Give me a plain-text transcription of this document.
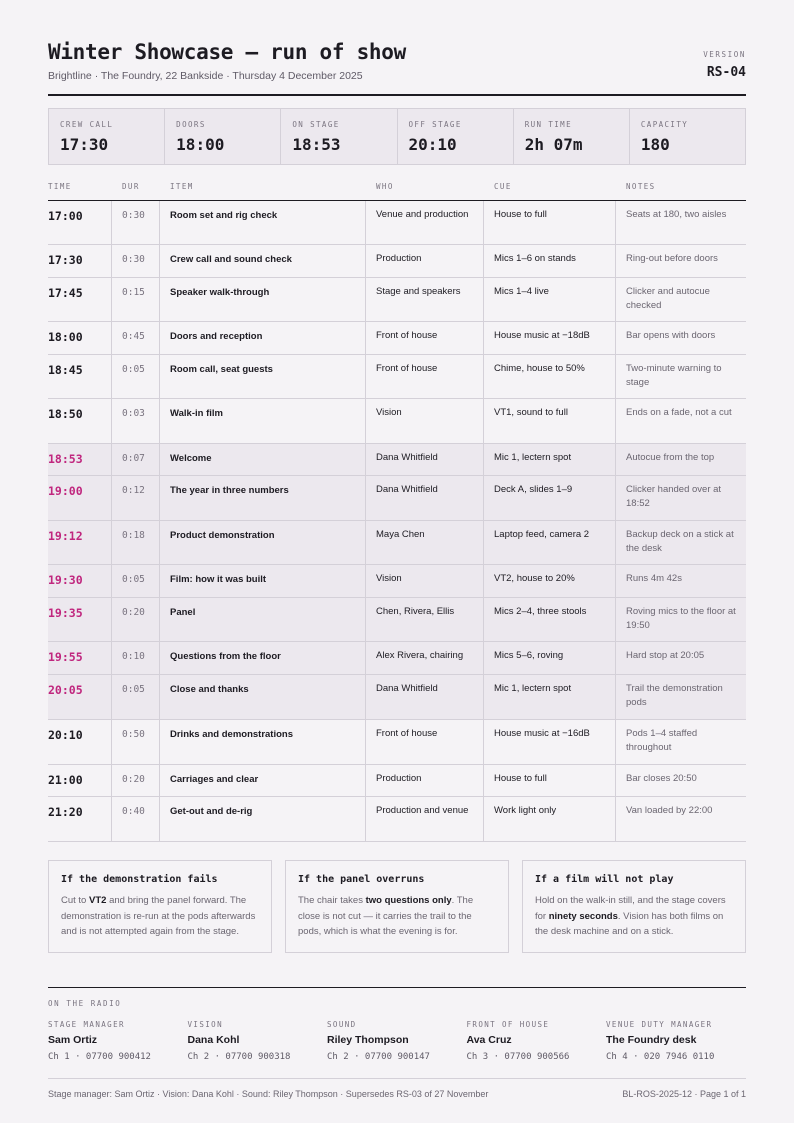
Winter Showcase — run of show
Brightline · The Foundry, 22 Bankside · Thursday 4 December 2025
VERSION
RS-04
CREW CALL
17:30
DOORS
18:00
ON STAGE
18:53
OFF STAGE
20:10
RUN TIME
2h 07m
CAPACITY
180
TIME	DUR	ITEM	WHO	CUE	NOTES
17:00	0:30	Room set and rig check	Venue and production	House to full	Seats at 180, two aisles
17:30	0:30	Crew call and sound check	Production	Mics 1–6 on stands	Ring-out before doors
17:45	0:15	Speaker walk-through	Stage and speakers	Mics 1–4 live	Clicker and autocue checked
18:00	0:45	Doors and reception	Front of house	House music at −18dB	Bar opens with doors
18:45	0:05	Room call, seat guests	Front of house	Chime, house to 50%	Two-minute warning to stage
18:50	0:03	Walk-in film	Vision	VT1, sound to full	Ends on a fade, not a cut
18:53	0:07	Welcome	Dana Whitfield	Mic 1, lectern spot	Autocue from the top
19:00	0:12	The year in three numbers	Dana Whitfield	Deck A, slides 1–9	Clicker handed over at 18:52
19:12	0:18	Product demonstration	Maya Chen	Laptop feed, camera 2	Backup deck on a stick at the desk
19:30	0:05	Film: how it was built	Vision	VT2, house to 20%	Runs 4m 42s
19:35	0:20	Panel	Chen, Rivera, Ellis	Mics 2–4, three stools	Roving mics to the floor at 19:50
19:55	0:10	Questions from the floor	Alex Rivera, chairing	Mics 5–6, roving	Hard stop at 20:05
20:05	0:05	Close and thanks	Dana Whitfield	Mic 1, lectern spot	Trail the demonstration pods
20:10	0:50	Drinks and demonstrations	Front of house	House music at −16dB	Pods 1–4 staffed throughout
21:00	0:20	Carriages and clear	Production	House to full	Bar closes 20:50
21:20	0:40	Get-out and de-rig	Production and venue	Work light only	Van loaded by 22:00
If the demonstration fails
Cut to VT2 and bring the panel forward. The demonstration is re-run at the pods afterwards and is not attempted again from the stage.
If the panel overruns
The chair takes two questions only. The close is not cut — it carries the trail to the pods, which is what the evening is for.
If a film will not play
Hold on the walk-in still, and the stage covers for ninety seconds. Vision has both films on the desk machine and on a stick.
ON THE RADIO
STAGE MANAGER
Sam Ortiz
Ch 1 · 07700 900412
VISION
Dana Kohl
Ch 2 · 07700 900318
SOUND
Riley Thompson
Ch 2 · 07700 900147
FRONT OF HOUSE
Ava Cruz
Ch 3 · 07700 900566
VENUE DUTY MANAGER
The Foundry desk
Ch 4 · 020 7946 0110
Stage manager: Sam Ortiz · Vision: Dana Kohl · Sound: Riley Thompson · Supersedes RS-03 of 27 November	BL-ROS-2025-12 · Page 1 of 1
